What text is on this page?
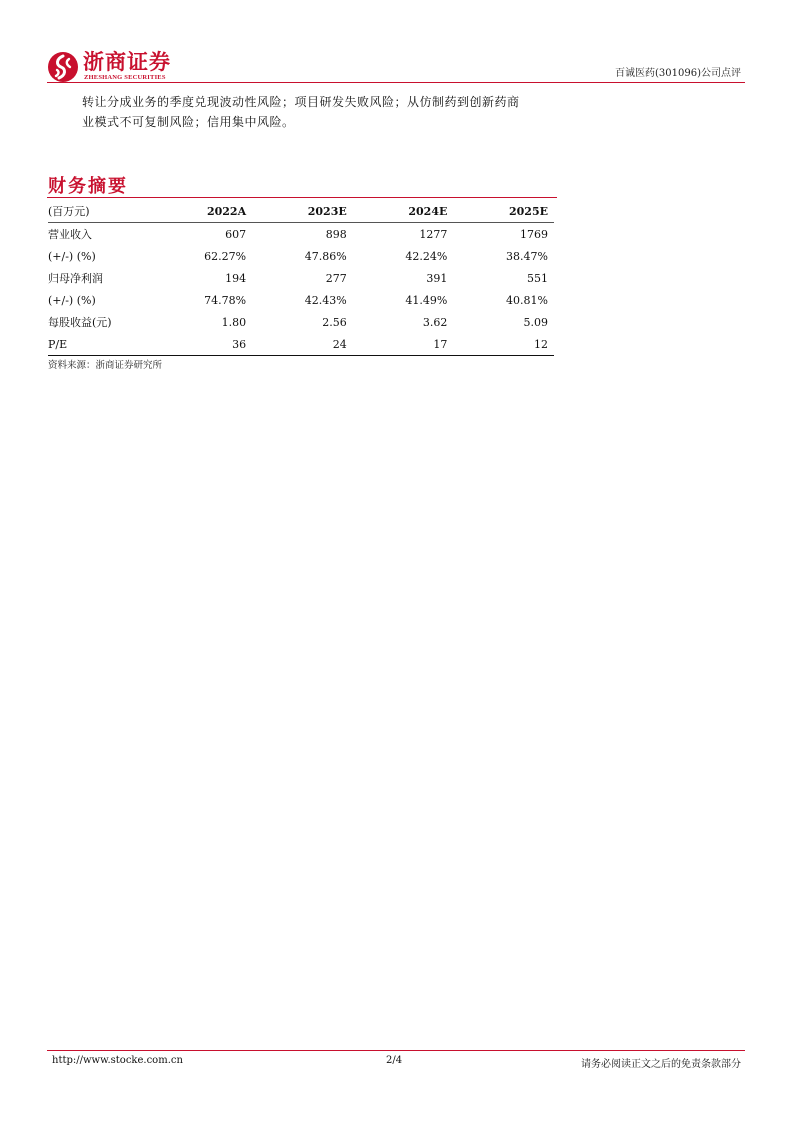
浙商证券
ZHESHANG SECURITIES	百诚医药(301096)公司点评
转让分成业务的季度兑现波动性风险；项目研发失败风险；从仿制药到创新药商
业模式不可复制风险；信用集中风险。
财务摘要
(百万元)	2022A	2023E	2024E	2025E
营业收入	607	898	1277	1769
(+/-) (%)	62.27%	47.86%	42.24%	38.47%
归母净利润	194	277	391	551
(+/-) (%)	74.78%	42.43%	41.49%	40.81%
每股收益(元)	1.80	2.56	3.62	5.09
P/E	36	24	17	12
资料来源：浙商证券研究所
http://www.stocke.com.cn	2/4	请务必阅读正文之后的免责条款部分
